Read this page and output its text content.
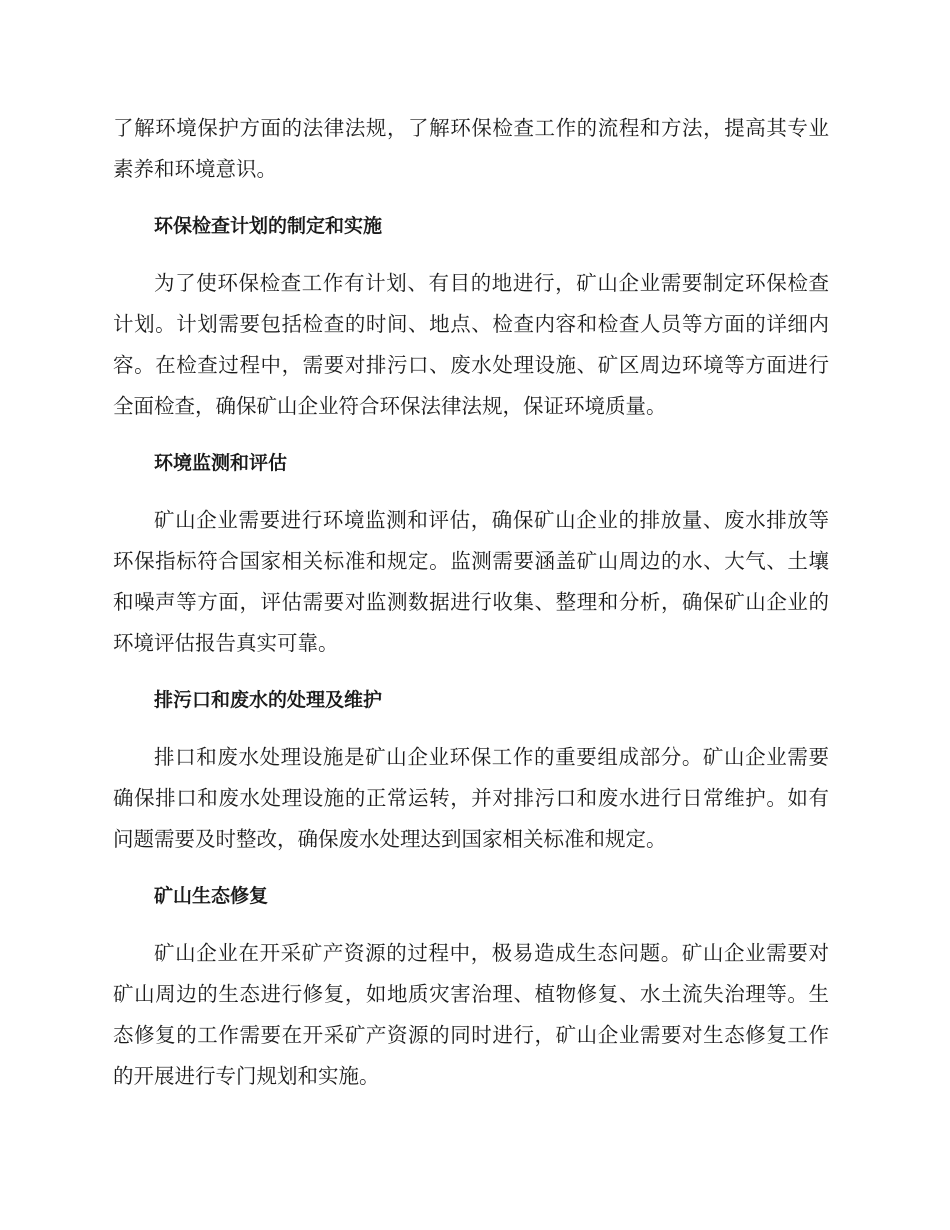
了解环境保护方面的法律法规，了解环保检查工作的流程和方法，提高其专业素养和环境意识。

环保检查计划的制定和实施

为了使环保检查工作有计划、有目的地进行，矿山企业需要制定环保检查计划。计划需要包括检查的时间、地点、检查内容和检查人员等方面的详细内容。在检查过程中，需要对排污口、废水处理设施、矿区周边环境等方面进行全面检查，确保矿山企业符合环保法律法规，保证环境质量。

环境监测和评估

矿山企业需要进行环境监测和评估，确保矿山企业的排放量、废水排放等环保指标符合国家相关标准和规定。监测需要涵盖矿山周边的水、大气、土壤和噪声等方面，评估需要对监测数据进行收集、整理和分析，确保矿山企业的环境评估报告真实可靠。

排污口和废水的处理及维护

排口和废水处理设施是矿山企业环保工作的重要组成部分。矿山企业需要确保排口和废水处理设施的正常运转，并对排污口和废水进行日常维护。如有问题需要及时整改，确保废水处理达到国家相关标准和规定。

矿山生态修复

矿山企业在开采矿产资源的过程中，极易造成生态问题。矿山企业需要对矿山周边的生态进行修复，如地质灾害治理、植物修复、水土流失治理等。生态修复的工作需要在开采矿产资源的同时进行，矿山企业需要对生态修复工作的开展进行专门规划和实施。
